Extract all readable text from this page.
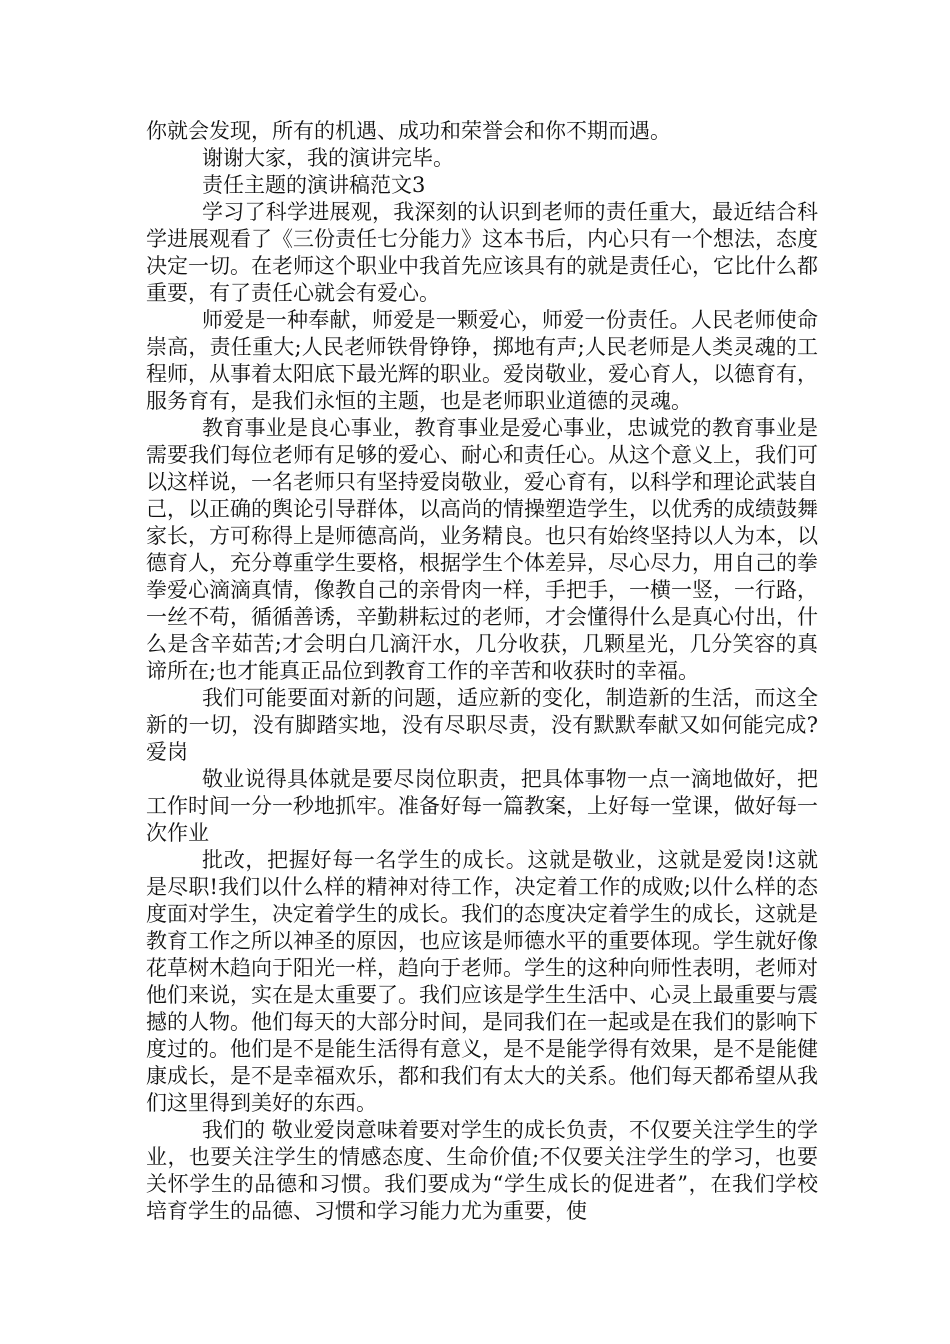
你就会发现，所有的机遇、成功和荣誉会和你不期而遇。

谢谢大家，我的演讲完毕。

责任主题的演讲稿范文3

学习了科学进展观，我深刻的认识到老师的责任重大，最近结合科学进展观看了《三份责任七分能力》这本书后，内心只有一个想法，态度决定一切。在老师这个职业中我首先应该具有的就是责任心，它比什么都重要，有了责任心就会有爱心。

师爱是一种奉献，师爱是一颗爱心，师爱一份责任。人民老师使命崇高，责任重大;人民老师铁骨铮铮，掷地有声;人民老师是人类灵魂的工程师，从事着太阳底下最光辉的职业。爱岗敬业，爱心育人，以德育有，服务育有，是我们永恒的主题，也是老师职业道德的灵魂。

教育事业是良心事业，教育事业是爱心事业，忠诚党的教育事业是需要我们每位老师有足够的爱心、耐心和责任心。从这个意义上，我们可以这样说，一名老师只有坚持爱岗敬业，爱心育有，以科学和理论武装自己，以正确的舆论引导群体，以高尚的情操塑造学生，以优秀的成绩鼓舞家长，方可称得上是师德高尚，业务精良。也只有始终坚持以人为本，以德育人，充分尊重学生要格，根据学生个体差异，尽心尽力，用自己的拳拳爱心滴滴真情，像教自己的亲骨肉一样，手把手，一横一竖，一行路，一丝不苟，循循善诱，辛勤耕耘过的老师，才会懂得什么是真心付出，什么是含辛茹苦;才会明白几滴汗水，几分收获，几颗星光，几分笑容的真谛所在;也才能真正品位到教育工作的辛苦和收获时的幸福。

我们可能要面对新的问题，适应新的变化，制造新的生活，而这全新的一切，没有脚踏实地，没有尽职尽责，没有默默奉献又如何能完成?爱岗

敬业说得具体就是要尽岗位职责，把具体事物一点一滴地做好，把工作时间一分一秒地抓牢。准备好每一篇教案，上好每一堂课，做好每一次作业

批改，把握好每一名学生的成长。这就是敬业，这就是爱岗!这就是尽职!我们以什么样的精神对待工作，决定着工作的成败;以什么样的态度面对学生，决定着学生的成长。我们的态度决定着学生的成长，这就是教育工作之所以神圣的原因，也应该是师德水平的重要体现。学生就好像花草树木趋向于阳光一样，趋向于老师。学生的这种向师性表明，老师对他们来说，实在是太重要了。我们应该是学生生活中、心灵上最重要与震撼的人物。他们每天的大部分时间，是同我们在一起或是在我们的影响下度过的。他们是不是能生活得有意义，是不是能学得有效果，是不是能健康成长，是不是幸福欢乐，都和我们有太大的关系。他们每天都希望从我们这里得到美好的东西。

我们的 敬业爱岗意味着要对学生的成长负责，不仅要关注学生的学业，也要关注学生的情感态度、生命价值;不仅要关注学生的学习，也要关怀学生的品德和习惯。我们要成为“学生成长的促进者”，在我们学校培育学生的品德、习惯和学习能力尤为重要，使
